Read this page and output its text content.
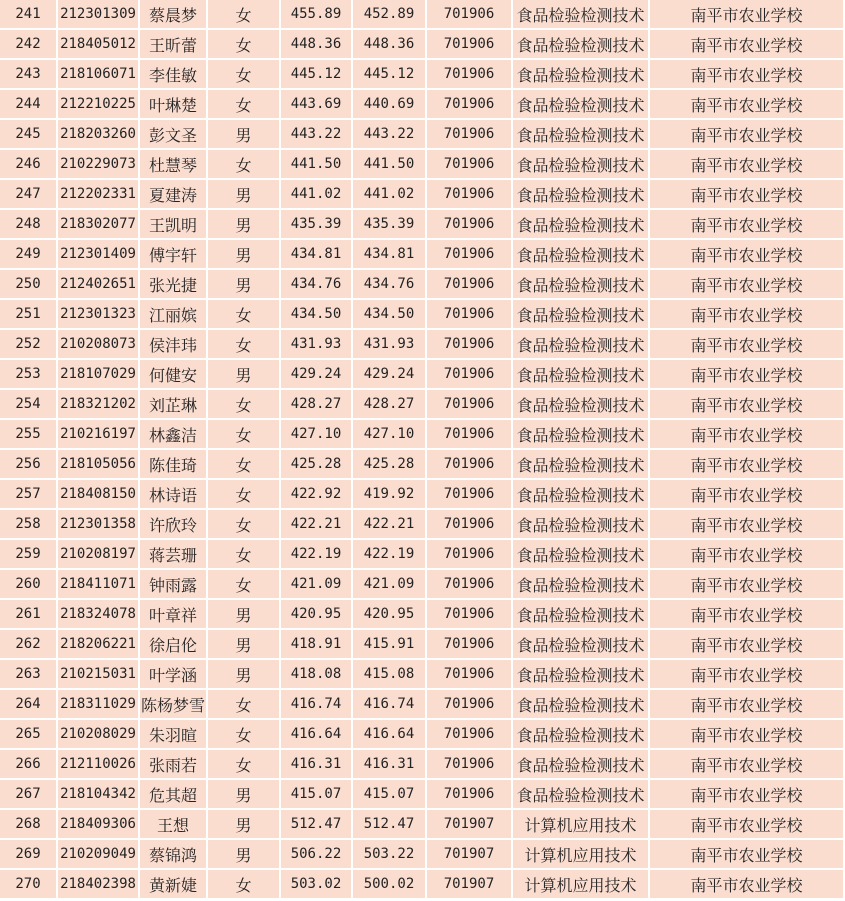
241	212301309 蔡晨梦	女	455.89	452.89	701906	食品检验检测技术	南平市农业学校
242	218405012 王昕蕾	女	448.36	448.36	701906	食品检验检测技术	南平市农业学校
243	218106071 李佳敏	女	445.12	445.12	701906	食品检验检测技术	南平市农业学校
244	212210225 叶琳楚	女	443.69	440.69	701906	食品检验检测技术	南平市农业学校
245	218203260 彭文圣	男	443.22	443.22	701906	食品检验检测技术	南平市农业学校
246	210229073 杜慧琴	女	441.50	441.50	701906	食品检验检测技术	南平市农业学校
247	212202331 夏建涛	男	441.02	441.02	701906	食品检验检测技术	南平市农业学校
248	218302077 王凯明	男	435.39	435.39	701906	食品检验检测技术	南平市农业学校
249	212301409 傅宇轩	男	434.81	434.81	701906	食品检验检测技术	南平市农业学校
250	212402651 张光捷	男	434.76	434.76	701906	食品检验检测技术	南平市农业学校
251	212301323 江丽嫔	女	434.50	434.50	701906	食品检验检测技术	南平市农业学校
252	210208073 侯沣玮	女	431.93	431.93	701906	食品检验检测技术	南平市农业学校
253	218107029 何健安	男	429.24	429.24	701906	食品检验检测技术	南平市农业学校
254	218321202 刘芷琳	女	428.27	428.27	701906	食品检验检测技术	南平市农业学校
255	210216197 林鑫洁	女	427.10	427.10	701906	食品检验检测技术	南平市农业学校
256	218105056 陈佳琦	女	425.28	425.28	701906	食品检验检测技术	南平市农业学校
257	218408150 林诗语	女	422.92	419.92	701906	食品检验检测技术	南平市农业学校
258	212301358 许欣玲	女	422.21	422.21	701906	食品检验检测技术	南平市农业学校
259	210208197 蒋芸珊	女	422.19	422.19	701906	食品检验检测技术	南平市农业学校
260	218411071 钟雨露	女	421.09	421.09	701906	食品检验检测技术	南平市农业学校
261	218324078 叶章祥	男	420.95	420.95	701906	食品检验检测技术	南平市农业学校
262	218206221 徐启伦	男	418.91	415.91	701906	食品检验检测技术	南平市农业学校
263	210215031 叶学涵	男	418.08	415.08	701906	食品检验检测技术	南平市农业学校
264	218311029 陈杨梦雪	女	416.74	416.74	701906	食品检验检测技术	南平市农业学校
265	210208029 朱羽暄	女	416.64	416.64	701906	食品检验检测技术	南平市农业学校
266	212110026 张雨若	女	416.31	416.31	701906	食品检验检测技术	南平市农业学校
267	218104342 危其超	男	415.07	415.07	701906	食品检验检测技术	南平市农业学校
268	218409306	王想	男	512.47	512.47	701907	计算机应用技术	南平市农业学校
269	210209049 蔡锦鸿	男	506.22	503.22	701907	计算机应用技术	南平市农业学校
270	218402398 黄新婕	女	503.02	500.02	701907	计算机应用技术	南平市农业学校
